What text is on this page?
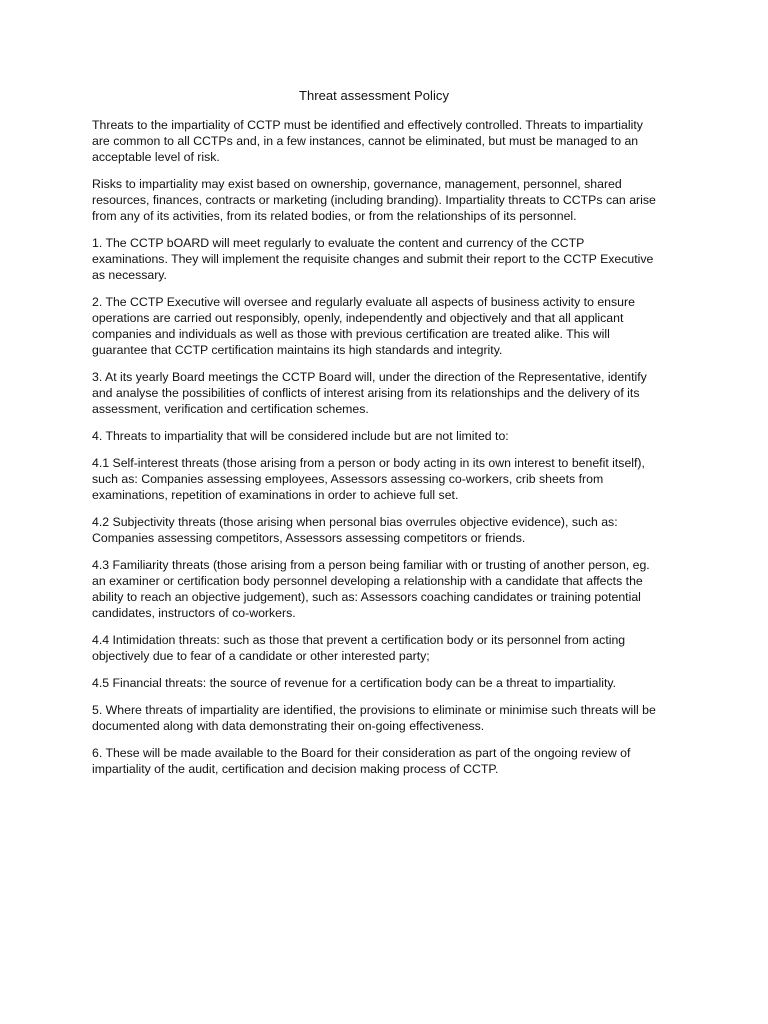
Threat assessment Policy
Threats to the impartiality of CCTP must be identified and effectively controlled. Threats to impartiality are common to all CCTPs and, in a few instances, cannot be eliminated, but must be managed to an acceptable level of risk.
Risks to impartiality may exist based on ownership, governance, management, personnel, shared resources, finances, contracts or marketing (including branding). Impartiality threats to CCTPs can arise from any of its activities, from its related bodies, or from the relationships of its personnel.
1. The CCTP bOARD will meet regularly to evaluate the content and currency of the CCTP examinations. They will implement the requisite changes and submit their report to the CCTP Executive as necessary.
2. The CCTP Executive will oversee and regularly evaluate all aspects of business activity to ensure operations are carried out responsibly, openly, independently and objectively and that all applicant companies and individuals as well as those with previous certification are treated alike. This will guarantee that CCTP certification maintains its high standards and integrity.
3. At its yearly Board meetings the CCTP Board will, under the direction of the Representative, identify and analyse the possibilities of conflicts of interest arising from its relationships and the delivery of its assessment, verification and certification schemes.
4. Threats to impartiality that will be considered include but are not limited to:
4.1 Self-interest threats (those arising from a person or body acting in its own interest to benefit itself), such as: Companies assessing employees, Assessors assessing co-workers, crib sheets from examinations, repetition of examinations in order to achieve full set.
4.2 Subjectivity threats (those arising when personal bias overrules objective evidence), such as: Companies assessing competitors, Assessors assessing competitors or friends.
4.3 Familiarity threats (those arising from a person being familiar with or trusting of another person, eg. an examiner or certification body personnel developing a relationship with a candidate that affects the ability to reach an objective judgement), such as: Assessors coaching candidates or training potential candidates, instructors of co-workers.
4.4 Intimidation threats: such as those that prevent a certification body or its personnel from acting objectively due to fear of a candidate or other interested party;
4.5 Financial threats: the source of revenue for a certification body can be a threat to impartiality.
5. Where threats of impartiality are identified, the provisions to eliminate or minimise such threats will be documented along with data demonstrating their on-going effectiveness.
6. These will be made available to the Board for their consideration as part of the ongoing review of impartiality of the audit, certification and decision making process of CCTP.
